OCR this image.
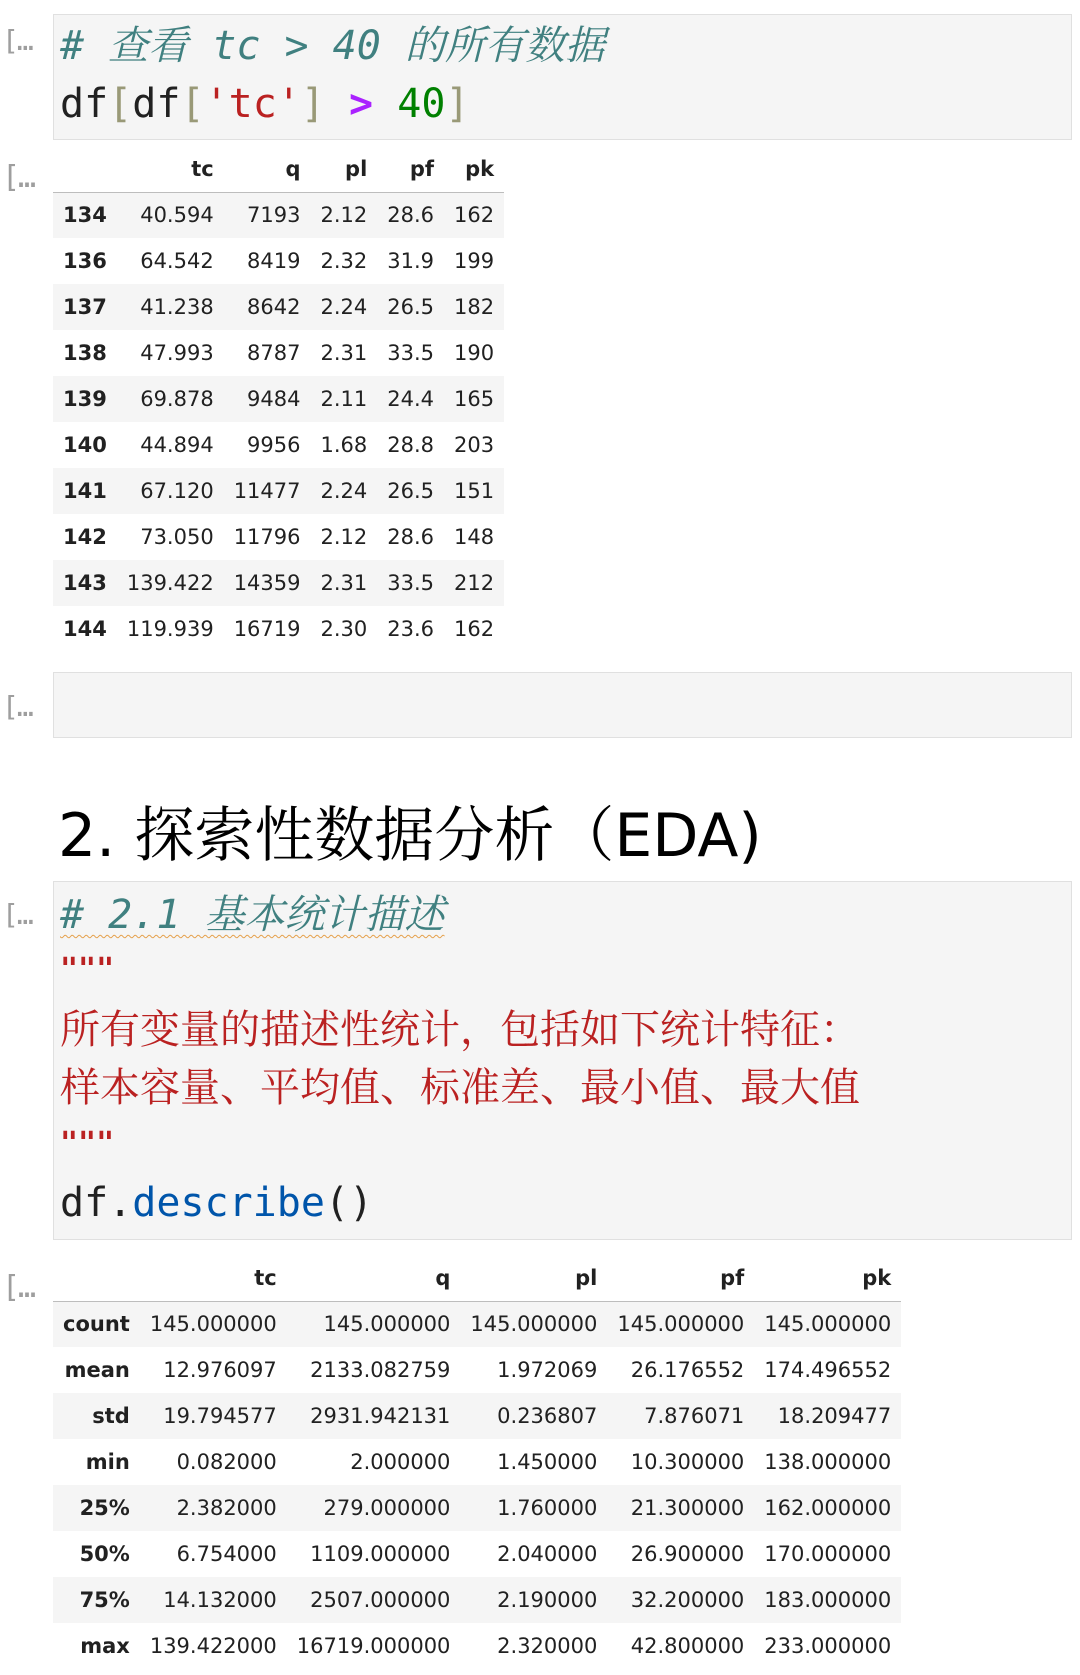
[… # 查看 tc > 40 的所有数据
df[df['tc'] > 40]
[…
		tc	q	pl	pf	pk
134	40.594	7193	2.12	28.6	162
136	64.542	8419	2.32	31.9	199
137	41.238	8642	2.24	26.5	182
138	47.993	8787	2.31	33.5	190
139	69.878	9484	2.11	24.4	165
140	44.894	9956	1.68	28.8	203
141	67.120	11477	2.24	26.5	151
142	73.050	11796	2.12	28.6	148
143	139.422	14359	2.31	33.5	212
144	119.939	16719	2.30	23.6	162
[…
2. 探索性数据分析（EDA)
[… # 2.1 基本统计描述
"""
所有变量的描述性统计，包括如下统计特征：
样本容量、平均值、标准差、最小值、最大值
"""
df.describe()
[…
		tc	q	pl	pf	pk
count	145.000000	145.000000	145.000000	145.000000	145.000000
mean	12.976097	2133.082759	1.972069	26.176552	174.496552
std	19.794577	2931.942131	0.236807	7.876071	18.209477
min	0.082000	2.000000	1.450000	10.300000	138.000000
25%	2.382000	279.000000	1.760000	21.300000	162.000000
50%	6.754000	1109.000000	2.040000	26.900000	170.000000
75%	14.132000	2507.000000	2.190000	32.200000	183.000000
max	139.422000	16719.000000	2.320000	42.800000	233.000000
